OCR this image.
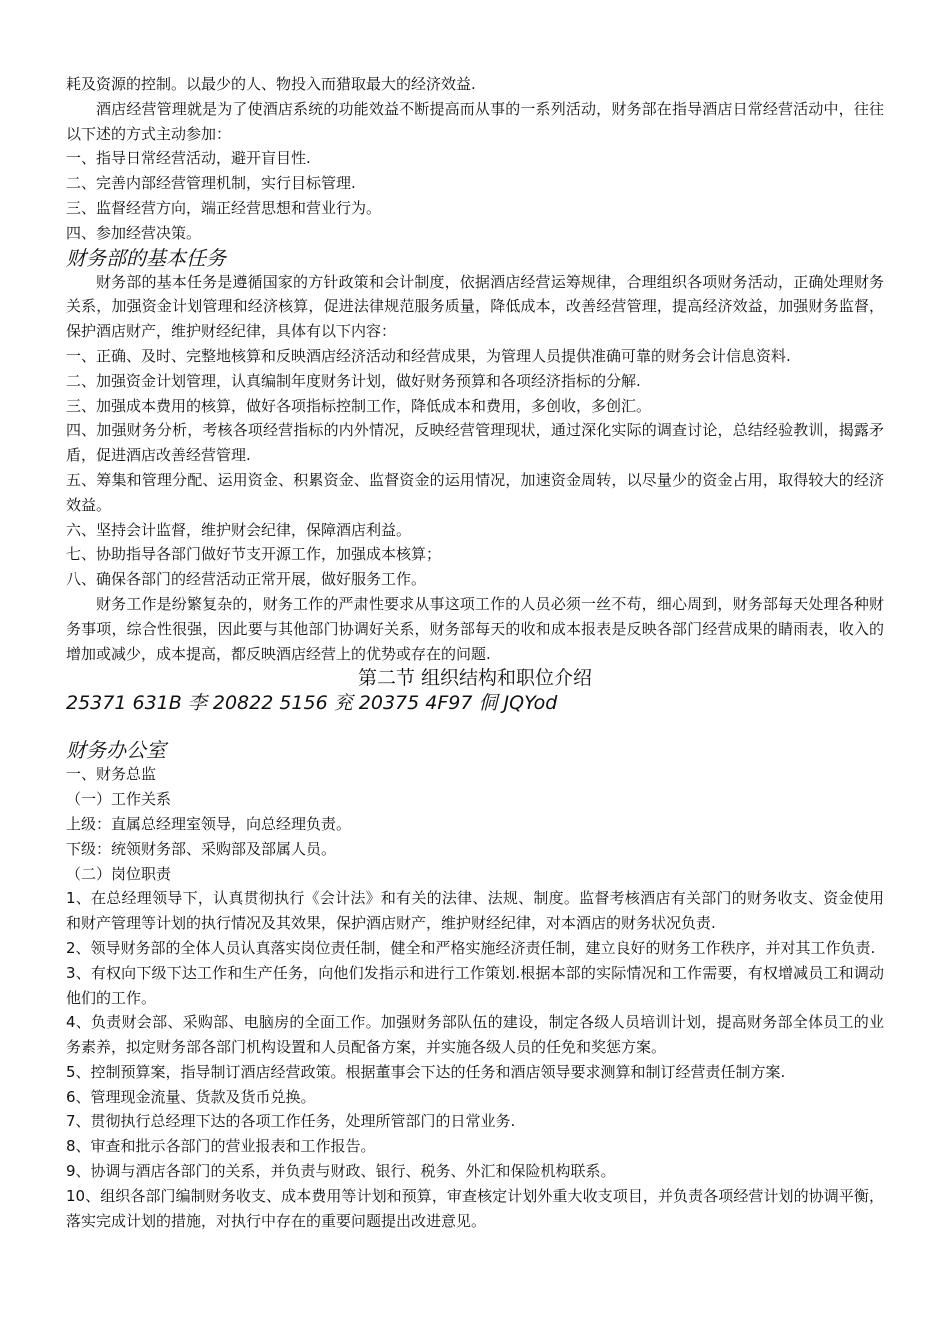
耗及资源的控制。以最少的人、物投入而猎取最大的经济效益.
酒店经营管理就是为了使酒店系统的功能效益不断提高而从事的一系列活动，财务部在指导酒店日常经营活动中，往往以下述的方式主动参加：
一、指导日常经营活动，避开盲目性.
二、完善内部经营管理机制，实行目标管理.
三、监督经营方向，端正经营思想和营业行为。
四、参加经营决策。
财务部的基本任务
财务部的基本任务是遵循国家的方针政策和会计制度，依据酒店经营运筹规律，合理组织各项财务活动，正确处理财务关系，加强资金计划管理和经济核算，促进法律规范服务质量，降低成本，改善经营管理，提高经济效益，加强财务监督，保护酒店财产，维护财经纪律，具体有以下内容：
一、正确、及时、完整地核算和反映酒店经济活动和经营成果，为管理人员提供准确可靠的财务会计信息资料.
二、加强资金计划管理，认真编制年度财务计划，做好财务预算和各项经济指标的分解.
三、加强成本费用的核算，做好各项指标控制工作，降低成本和费用，多创收，多创汇。
四、加强财务分析，考核各项经营指标的内外情况，反映经营管理现状，通过深化实际的调查讨论，总结经验教训，揭露矛盾，促进酒店改善经营管理.
五、筹集和管理分配、运用资金、积累资金、监督资金的运用情况，加速资金周转，以尽量少的资金占用，取得较大的经济效益。
六、坚持会计监督，维护财会纪律，保障酒店利益。
七、协助指导各部门做好节支开源工作，加强成本核算；
八、确保各部门的经营活动正常开展，做好服务工作。
财务工作是纷繁复杂的，财务工作的严肃性要求从事这项工作的人员必须一丝不苟，细心周到，财务部每天处理各种财务事项，综合性很强，因此要与其他部门协调好关系，财务部每天的收和成本报表是反映各部门经营成果的睛雨表，收入的增加或减少，成本提高，都反映酒店经营上的优势或存在的问题.
第二节 组织结构和职位介绍
25371 631B 李 20822 5156 兖 20375 4F97 侗 JQYod
财务办公室
一、财务总监
（一）工作关系
上级：直属总经理室领导，向总经理负责。
下级：统领财务部、采购部及部属人员。
（二）岗位职责
1、在总经理领导下，认真贯彻执行《会计法》和有关的法律、法规、制度。监督考核酒店有关部门的财务收支、资金使用和财产管理等计划的执行情况及其效果，保护酒店财产，维护财经纪律，对本酒店的财务状况负责.
2、领导财务部的全体人员认真落实岗位责任制，健全和严格实施经济责任制，建立良好的财务工作秩序，并对其工作负责.
3、有权向下级下达工作和生产任务，向他们发指示和进行工作策划.根据本部的实际情况和工作需要，有权增减员工和调动他们的工作。
4、负责财会部、采购部、电脑房的全面工作。加强财务部队伍的建设，制定各级人员培训计划，提高财务部全体员工的业务素养，拟定财务部各部门机构设置和人员配备方案，并实施各级人员的任免和奖惩方案。
5、控制预算案，指导制订酒店经营政策。根据董事会下达的任务和酒店领导要求测算和制订经营责任制方案.
6、管理现金流量、货款及货币兑换。
7、贯彻执行总经理下达的各项工作任务，处理所管部门的日常业务.
8、审查和批示各部门的营业报表和工作报告。
9、协调与酒店各部门的关系，并负责与财政、银行、税务、外汇和保险机构联系。
10、组织各部门编制财务收支、成本费用等计划和预算，审查核定计划外重大收支项目，并负责各项经营计划的协调平衡，落实完成计划的措施，对执行中存在的重要问题提出改进意见。
